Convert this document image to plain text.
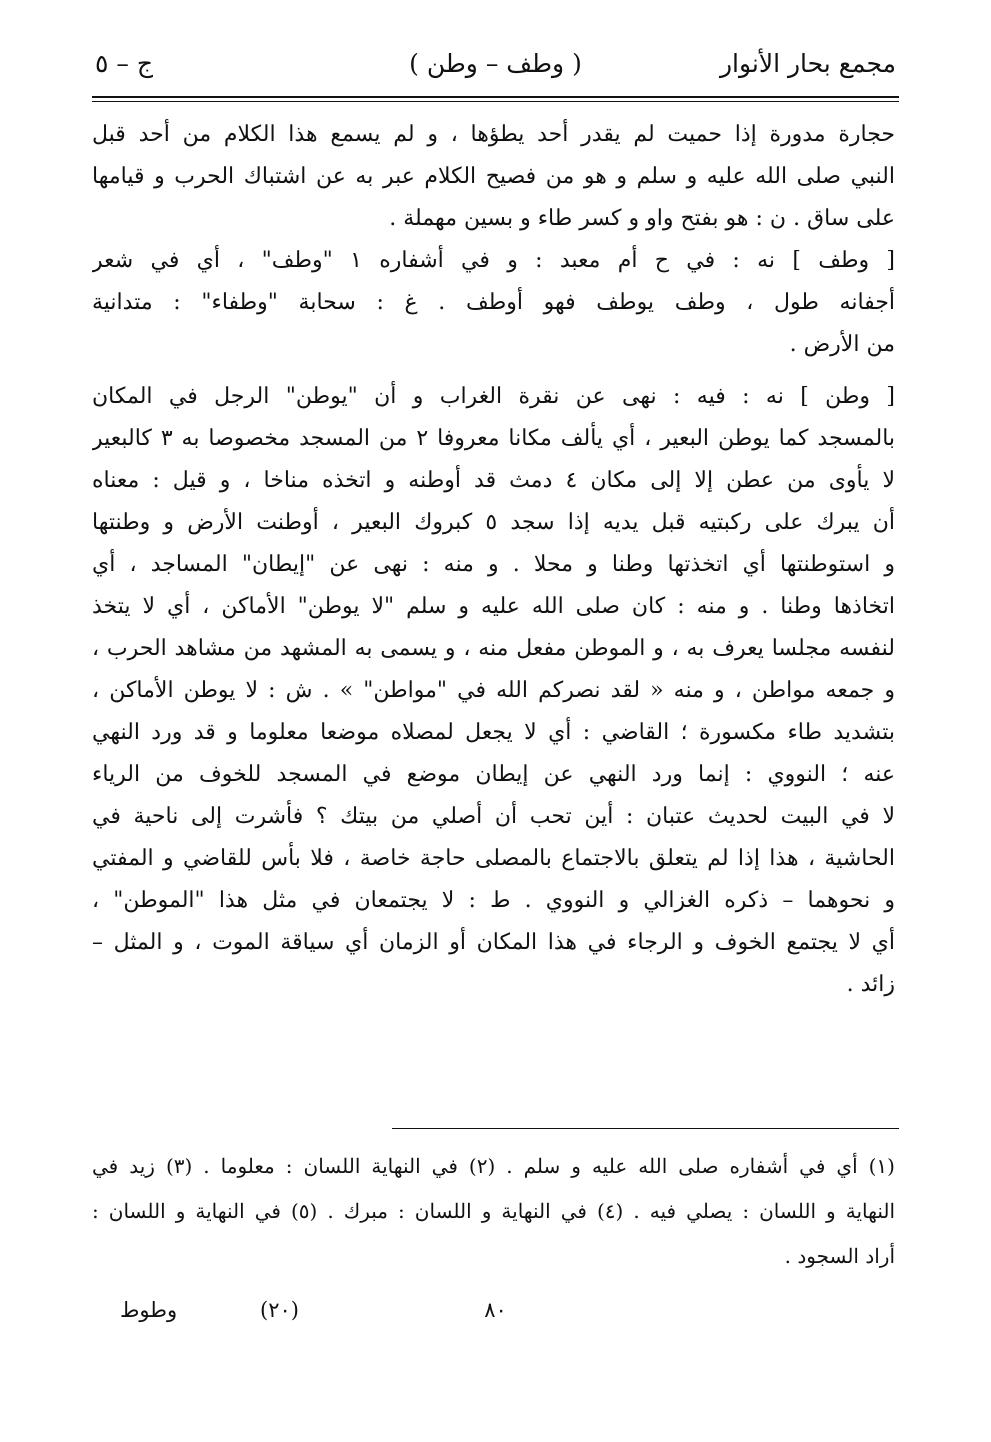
مجمع بحار الأنوار
( وطف – وطن )
ج – ٥

حجارة مدورة إذا حميت لم يقدر أحد يطؤها ، و لم يسمع هذا الكلام من أحد قبل
النبي صلى الله عليه و سلم و هو من فصيح الكلام عبر به عن اشتباك الحرب و قيامها
على ساق . ن : هو بفتح واو و كسر طاء و بسين مهملة .

[ وطف ] نه : في ح أم معبد : و في أشفاره ١ "وطف" ، أي في شعر
أجفانه طول ، وطف يوطف فهو أوطف . غ : سحابة "وطفاء" : متدانية
من الأرض .

[ وطن ] نه : فيه : نهى عن نقرة الغراب و أن "يوطن" الرجل في المكان
بالمسجد كما يوطن البعير ، أي يألف مكانا معروفا ٢ من المسجد مخصوصا به ٣ كالبعير
لا يأوى من عطن إلا إلى مكان ٤ دمث قد أوطنه و اتخذه مناخا ، و قيل : معناه
أن يبرك على ركبتيه قبل يديه إذا سجد ٥ كبروك البعير ، أوطنت الأرض و وطنتها
و استوطنتها أي اتخذتها وطنا و محلا . و منه : نهى عن "إيطان" المساجد ، أي
اتخاذها وطنا . و منه : كان صلى الله عليه و سلم "لا يوطن" الأماكن ، أي لا يتخذ
لنفسه مجلسا يعرف به ، و الموطن مفعل منه ، و يسمى به المشهد من مشاهد الحرب ،
و جمعه مواطن ، و منه « لقد نصركم الله في "مواطن" » . ش : لا يوطن الأماكن ،
بتشديد طاء مكسورة ؛ القاضي : أي لا يجعل لمصلاه موضعا معلوما و قد ورد النهي
عنه ؛ النووي : إنما ورد النهي عن إيطان موضع في المسجد للخوف من الرياء
لا في البيت لحديث عتبان : أين تحب أن أصلي من بيتك ؟ فأشرت إلى ناحية في
الحاشية ، هذا إذا لم يتعلق بالاجتماع بالمصلى حاجة خاصة ، فلا بأس للقاضي و المفتي
و نحوهما – ذكره الغزالي و النووي . ط : لا يجتمعان في مثل هذا "الموطن" ،
أي لا يجتمع الخوف و الرجاء في هذا المكان أو الزمان أي سياقة الموت ، و المثل –
زائد .

(١) أي في أشفاره صلى الله عليه و سلم . (٢) في النهاية اللسان : معلوما . (٣) زيد في
النهاية و اللسان : يصلي فيه . (٤) في النهاية و اللسان : مبرك . (٥) في النهاية و اللسان :
أراد السجود .
وطوط	(٢٠)	٨٠
